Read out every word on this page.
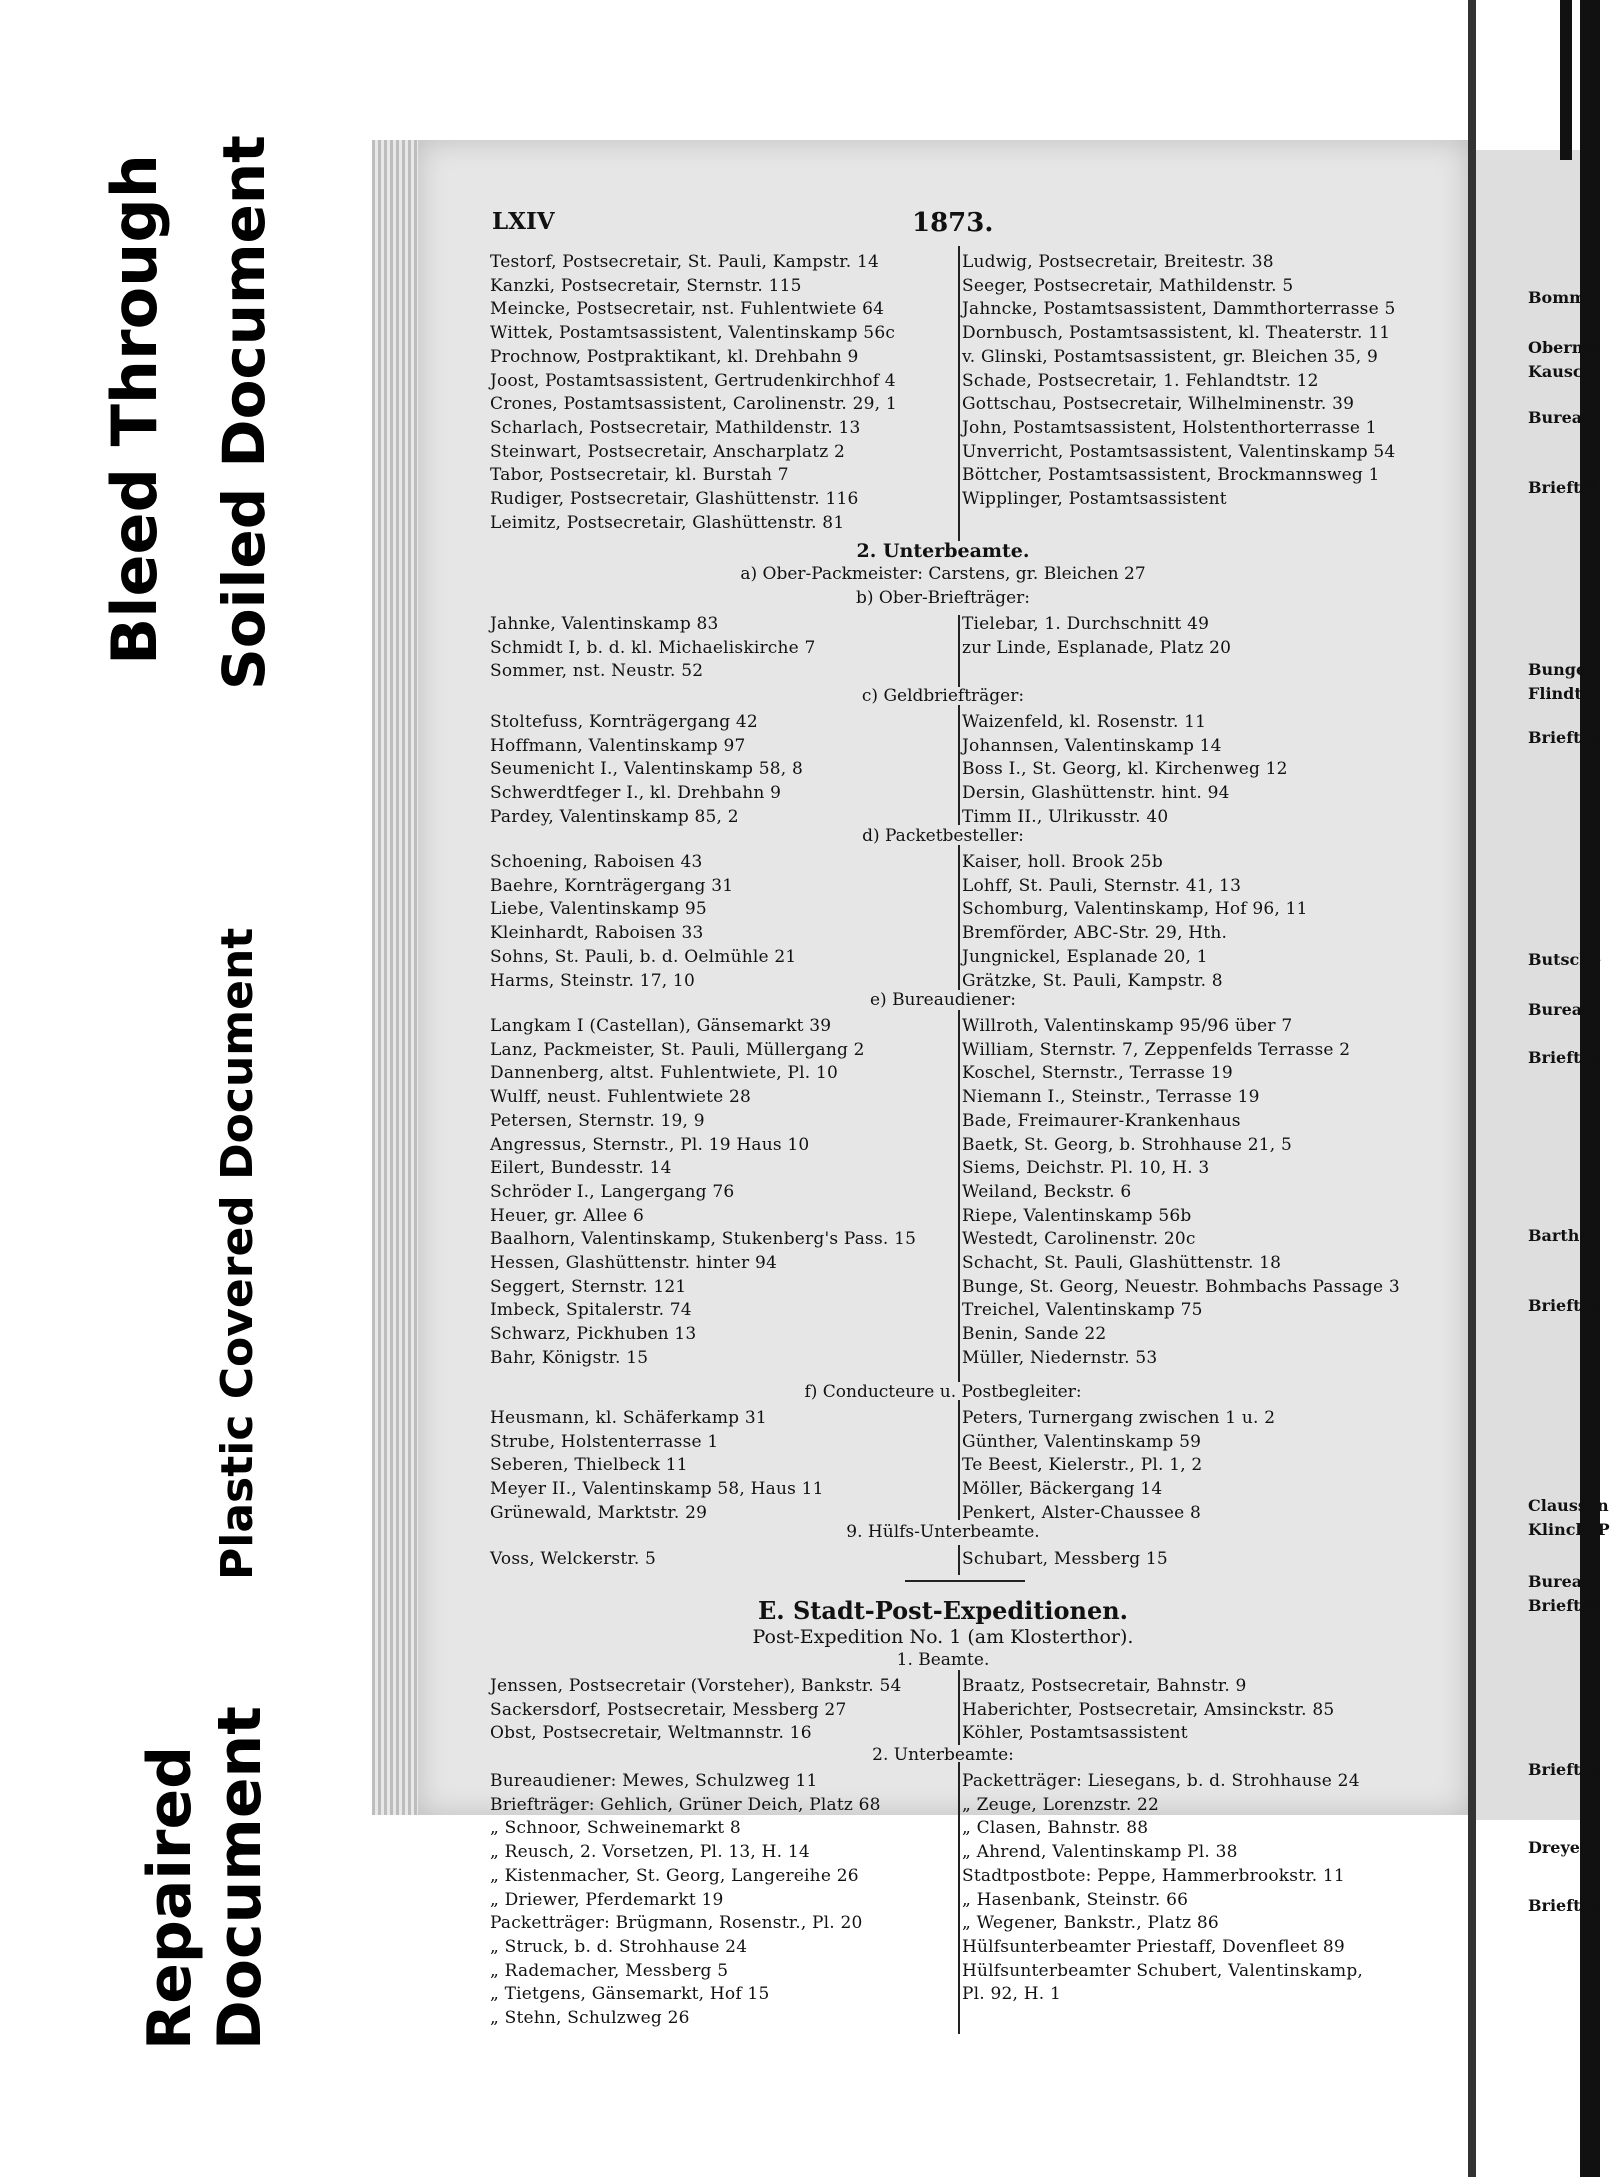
Bleed Through Soiled Document
Plastic Covered Document
Repaired Document
LXIV	1873.
2. Unterbeamte.
a) Ober-Packmeister: Carstens, gr. Bleichen 27
b) Ober-Briefträger:
c) Geldbriefträger:
d) Packetbesteller:
e) Bureaudiener:
f) Conducteure u. Postbegleiter:
9. Hülfs-Unterbeamte.
Voss, Welckerstr. 5	Schubart, Messberg 15
E. Stadt-Post-Expeditionen.
Post-Expedition No. 1 (am Klosterthor).
1. Beamte.
2. Unterbeamte:
Testorf, Postsecretair, St. Pauli, Kampstr. 14
Kanzki, Postsecretair, Sternstr. 115
Meincke, Postsecretair, nst. Fuhlentwiete 64
Wittek, Postamtsassistent, Valentinskamp 56c
Prochnow, Postpraktikant, kl. Drehbahn 9
Joost, Postamtsassistent, Gertrudenkirchhof 4
Crones, Postamtsassistent, Carolinenstr. 29, 1
Scharlach, Postsecretair, Mathildenstr. 13
Steinwart, Postsecretair, Anscharplatz 2
Tabor, Postsecretair, kl. Burstah 7
Rudiger, Postsecretair, Glashüttenstr. 116
Leimitz, Postsecretair, Glashüttenstr. 81
Ludwig, Postsecretair, Breitestr. 38
Seeger, Postsecretair, Mathildenstr. 5
Jahncke, Postamtsassistent, Dammthorterrasse 5
Dornbusch, Postamtsassistent, kl. Theaterstr. 11
v. Glinski, Postamtsassistent, gr. Bleichen 35, 9
Schade, Postsecretair, 1. Fehlandtstr. 12
Gottschau, Postsecretair, Wilhelminenstr. 39
John, Postamtsassistent, Holstenthorterrasse 1
Unverricht, Postamtsassistent, Valentinskamp 54
Böttcher, Postamtsassistent, Brockmannsweg 1
Wipplinger, Postamtsassistent
Jahnke, Valentinskamp 83
Schmidt I, b. d. kl. Michaeliskirche 7
Sommer, nst. Neustr. 52
Tielebar, 1. Durchschnitt 49
zur Linde, Esplanade, Platz 20
Stoltefuss, Kornträgergang 42
Hoffmann, Valentinskamp 97
Seumenicht I., Valentinskamp 58, 8
Schwerdtfeger I., kl. Drehbahn 9
Pardey, Valentinskamp 85, 2
Waizenfeld, kl. Rosenstr. 11
Johannsen, Valentinskamp 14
Boss I., St. Georg, kl. Kirchenweg 12
Dersin, Glashüttenstr. hint. 94
Timm II., Ulrikusstr. 40
Schoening, Raboisen 43
Baehre, Kornträgergang 31
Liebe, Valentinskamp 95
Kleinhardt, Raboisen 33
Sohns, St. Pauli, b. d. Oelmühle 21
Harms, Steinstr. 17, 10
Kaiser, holl. Brook 25b
Lohff, St. Pauli, Sternstr. 41, 13
Schomburg, Valentinskamp, Hof 96, 11
Bremförder, ABC-Str. 29, Hth.
Jungnickel, Esplanade 20, 1
Grätzke, St. Pauli, Kampstr. 8
Langkam I (Castellan), Gänsemarkt 39
Lanz, Packmeister, St. Pauli, Müllergang 2
Dannenberg, altst. Fuhlentwiete, Pl. 10
Wulff, neust. Fuhlentwiete 28
Petersen, Sternstr. 19, 9
Angressus, Sternstr., Pl. 19 Haus 10
Eilert, Bundesstr. 14
Schröder I., Langergang 76
Heuer, gr. Allee 6
Baalhorn, Valentinskamp, Stukenberg's Pass. 15
Hessen, Glashüttenstr. hinter 94
Seggert, Sternstr. 121
Imbeck, Spitalerstr. 74
Schwarz, Pickhuben 13
Bahr, Königstr. 15
Willroth, Valentinskamp 95/96 über 7
William, Sternstr. 7, Zeppenfelds Terrasse 2
Koschel, Sternstr., Terrasse 19
Niemann I., Steinstr., Terrasse 19
Bade, Freimaurer-Krankenhaus
Baetk, St. Georg, b. Strohhause 21, 5
Siems, Deichstr. Pl. 10, H. 3
Weiland, Beckstr. 6
Riepe, Valentinskamp 56b
Westedt, Carolinenstr. 20c
Schacht, St. Pauli, Glashüttenstr. 18
Bunge, St. Georg, Neuestr. Bohmbachs Passage 3
Treichel, Valentinskamp 75
Benin, Sande 22
Müller, Niedernstr. 53
Heusmann, kl. Schäferkamp 31
Strube, Holstenterrasse 1
Seberen, Thielbeck 11
Meyer II., Valentinskamp 58, Haus 11
Grünewald, Marktstr. 29
Peters, Turnergang zwischen 1 u. 2
Günther, Valentinskamp 59
Te Beest, Kielerstr., Pl. 1, 2
Möller, Bäckergang 14
Penkert, Alster-Chaussee 8
Jenssen, Postsecretair (Vorsteher), Bankstr. 54
Sackersdorf, Postsecretair, Messberg 27
Obst, Postsecretair, Weltmannstr. 16
Braatz, Postsecretair, Bahnstr. 9
Haberichter, Postsecretair, Amsinckstr. 85
Köhler, Postamtsassistent
Bureaudiener: Mewes, Schulzweg 11
Briefträger: Gehlich, Grüner Deich, Platz 68
„ Schnoor, Schweinemarkt 8
„ Reusch, 2. Vorsetzen, Pl. 13, H. 14
„ Kistenmacher, St. Georg, Langereihe 26
„ Driewer, Pferdemarkt 19
Packetträger: Brügmann, Rosenstr., Pl. 20
„ Struck, b. d. Strohhause 24
„ Rademacher, Messberg 5
„ Tietgens, Gänsemarkt, Hof 15
„ Stehn, Schulzweg 26
Packetträger: Liesegans, b. d. Strohhause 24
„ Zeuge, Lorenzstr. 22
„ Clasen, Bahnstr. 88
„ Ahrend, Valentinskamp Pl. 38
Stadtpostbote: Peppe, Hammerbrookstr. 11
„ Hasenbank, Steinstr. 66
„ Wegener, Bankstr., Platz 86
Hülfsunterbeamter Priestaff, Dovenfleet 89
Hülfsunterbeamter Schubert, Valentinskamp,
Pl. 92, H. 1
Bomme
Oberma
Kausch
Bureau
Briefträ
Bunge,
Flindt,
Briefträ
Butsche
Bureau
Briefträ
Barthe,
Briefträ
Claussen
Klinck, P
Bureau
Briefträ
Briefträ
Dreyer,
Briefträ
